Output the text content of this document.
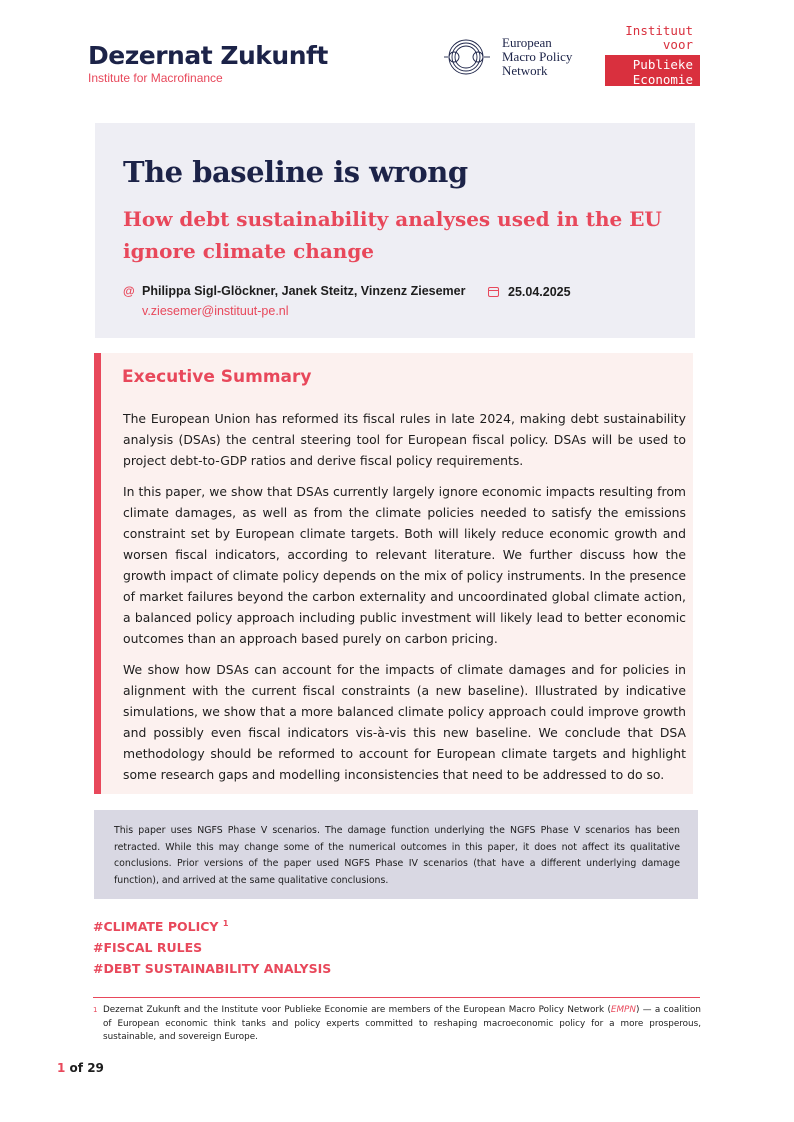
Dezernat Zukunft
Institute for Macrofinance
European
Macro Policy
Network
Instituut
voor
Publieke
Economie
The baseline is wrong
How debt sustainability analyses used in the EU ignore climate change
@ Philippa Sigl-Glöckner, Janek Steitz, Vinzenz Ziesemer
v.ziesemer@instituut-pe.nl
25.04.2025
Executive Summary

The European Union has reformed its fiscal rules in late 2024, making debt sustainability analysis (DSAs) the central steering tool for European fiscal policy. DSAs will be used to project debt-to-GDP ratios and derive fiscal policy requirements.

In this paper, we show that DSAs currently largely ignore economic impacts resulting from climate damages, as well as from the climate policies needed to satisfy the emissions constraint set by European climate targets. Both will likely reduce economic growth and worsen fiscal indicators, according to relevant literature. We further discuss how the growth impact of climate policy depends on the mix of policy instruments. In the presence of market failures beyond the carbon externality and uncoordinated global climate action, a balanced policy approach including public investment will likely lead to better economic outcomes than an approach based purely on carbon pricing.

We show how DSAs can account for the impacts of climate damages and for policies in alignment with the current fiscal constraints (a new baseline). Illustrated by indicative simulations, we show that a more balanced climate policy approach could improve growth and possibly even fiscal indicators vis-à-vis this new baseline. We conclude that DSA methodology should be reformed to account for European climate targets and highlight some research gaps and modelling inconsistencies that need to be addressed to do so.

This paper uses NGFS Phase V scenarios. The damage function underlying the NGFS Phase V scenarios has been retracted. While this may change some of the numerical outcomes in this paper, it does not affect its qualitative conclusions. Prior versions of the paper used NGFS Phase IV scenarios (that have a different underlying damage function), and arrived at the same qualitative conclusions.

#CLIMATE POLICY $^1$
#FISCAL RULES
#DEBT SUSTAINABILITY ANALYSIS
1 Dezernat Zukunft and the Institute voor Publieke Economie are members of the European Macro Policy Network (EMPN) — a coalition of European economic think tanks and policy experts committed to reshaping macroeconomic policy for a more prosperous, sustainable, and sovereign Europe.
1 of 29
